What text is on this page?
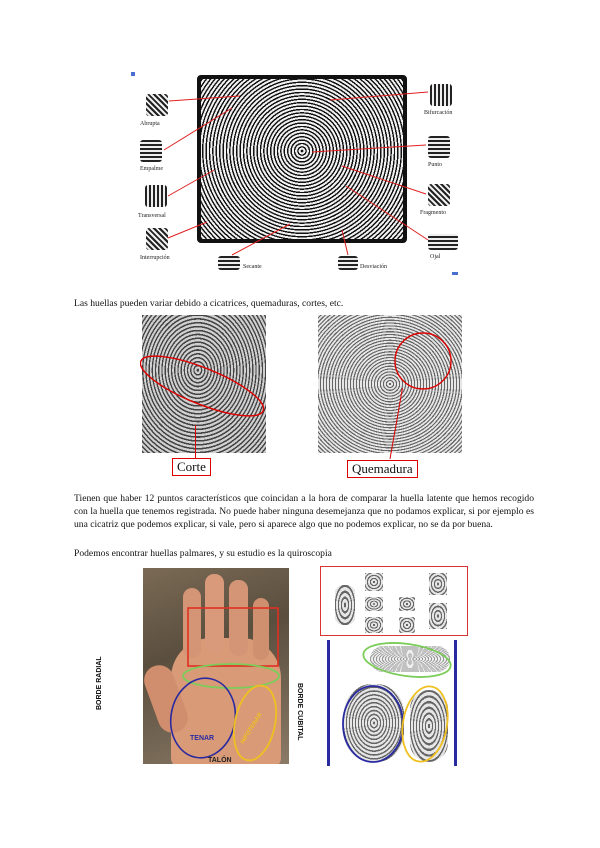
Abrupta
Empalme
Transversal
Interrupción
Bifurcación
Punto
Fragmento
Ojal
Secante	Desviación
Las huellas pueden variar debido a cicatrices, quemaduras, cortes, etc.
Corte	Quemadura
Tienen que haber 12 puntos característicos que coincidan a la hora de comparar la huella latente que hemos recogido con la huella que tenemos registrada. No puede haber ninguna desemejanza que no podamos explicar, si por ejemplo es una cicatriz que podemos explicar, si vale, pero si aparece algo que no podemos explicar, no se da por buena.
Podemos encontrar huellas palmares, y su estudio es la quiroscopia
BORDE RADIAL	BORDE CUBITAL
TENAR	HIPOTENAR
TALÓN
